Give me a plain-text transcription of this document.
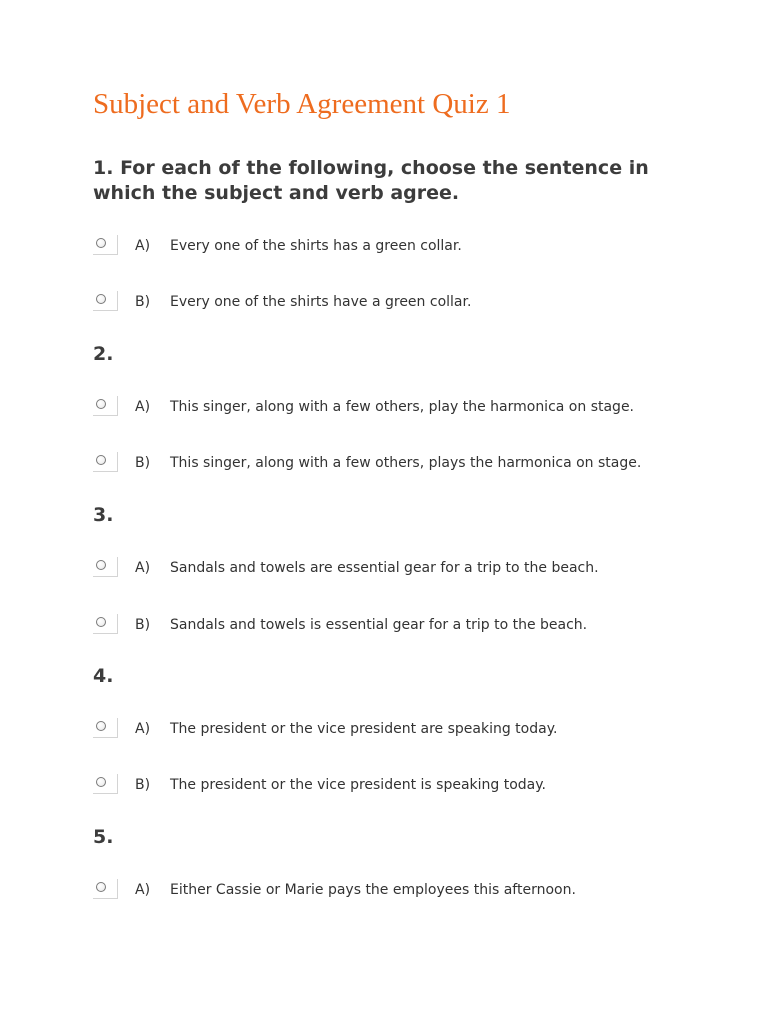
Subject and Verb Agreement Quiz 1
1. For each of the following, choose the sentence in which the subject and verb agree.
A) Every one of the shirts has a green collar.
B) Every one of the shirts have a green collar.
2.
A) This singer, along with a few others, play the harmonica on stage.
B) This singer, along with a few others, plays the harmonica on stage.
3.
A) Sandals and towels are essential gear for a trip to the beach.
B) Sandals and towels is essential gear for a trip to the beach.
4.
A) The president or the vice president are speaking today.
B) The president or the vice president is speaking today.
5.
A) Either Cassie or Marie pays the employees this afternoon.
